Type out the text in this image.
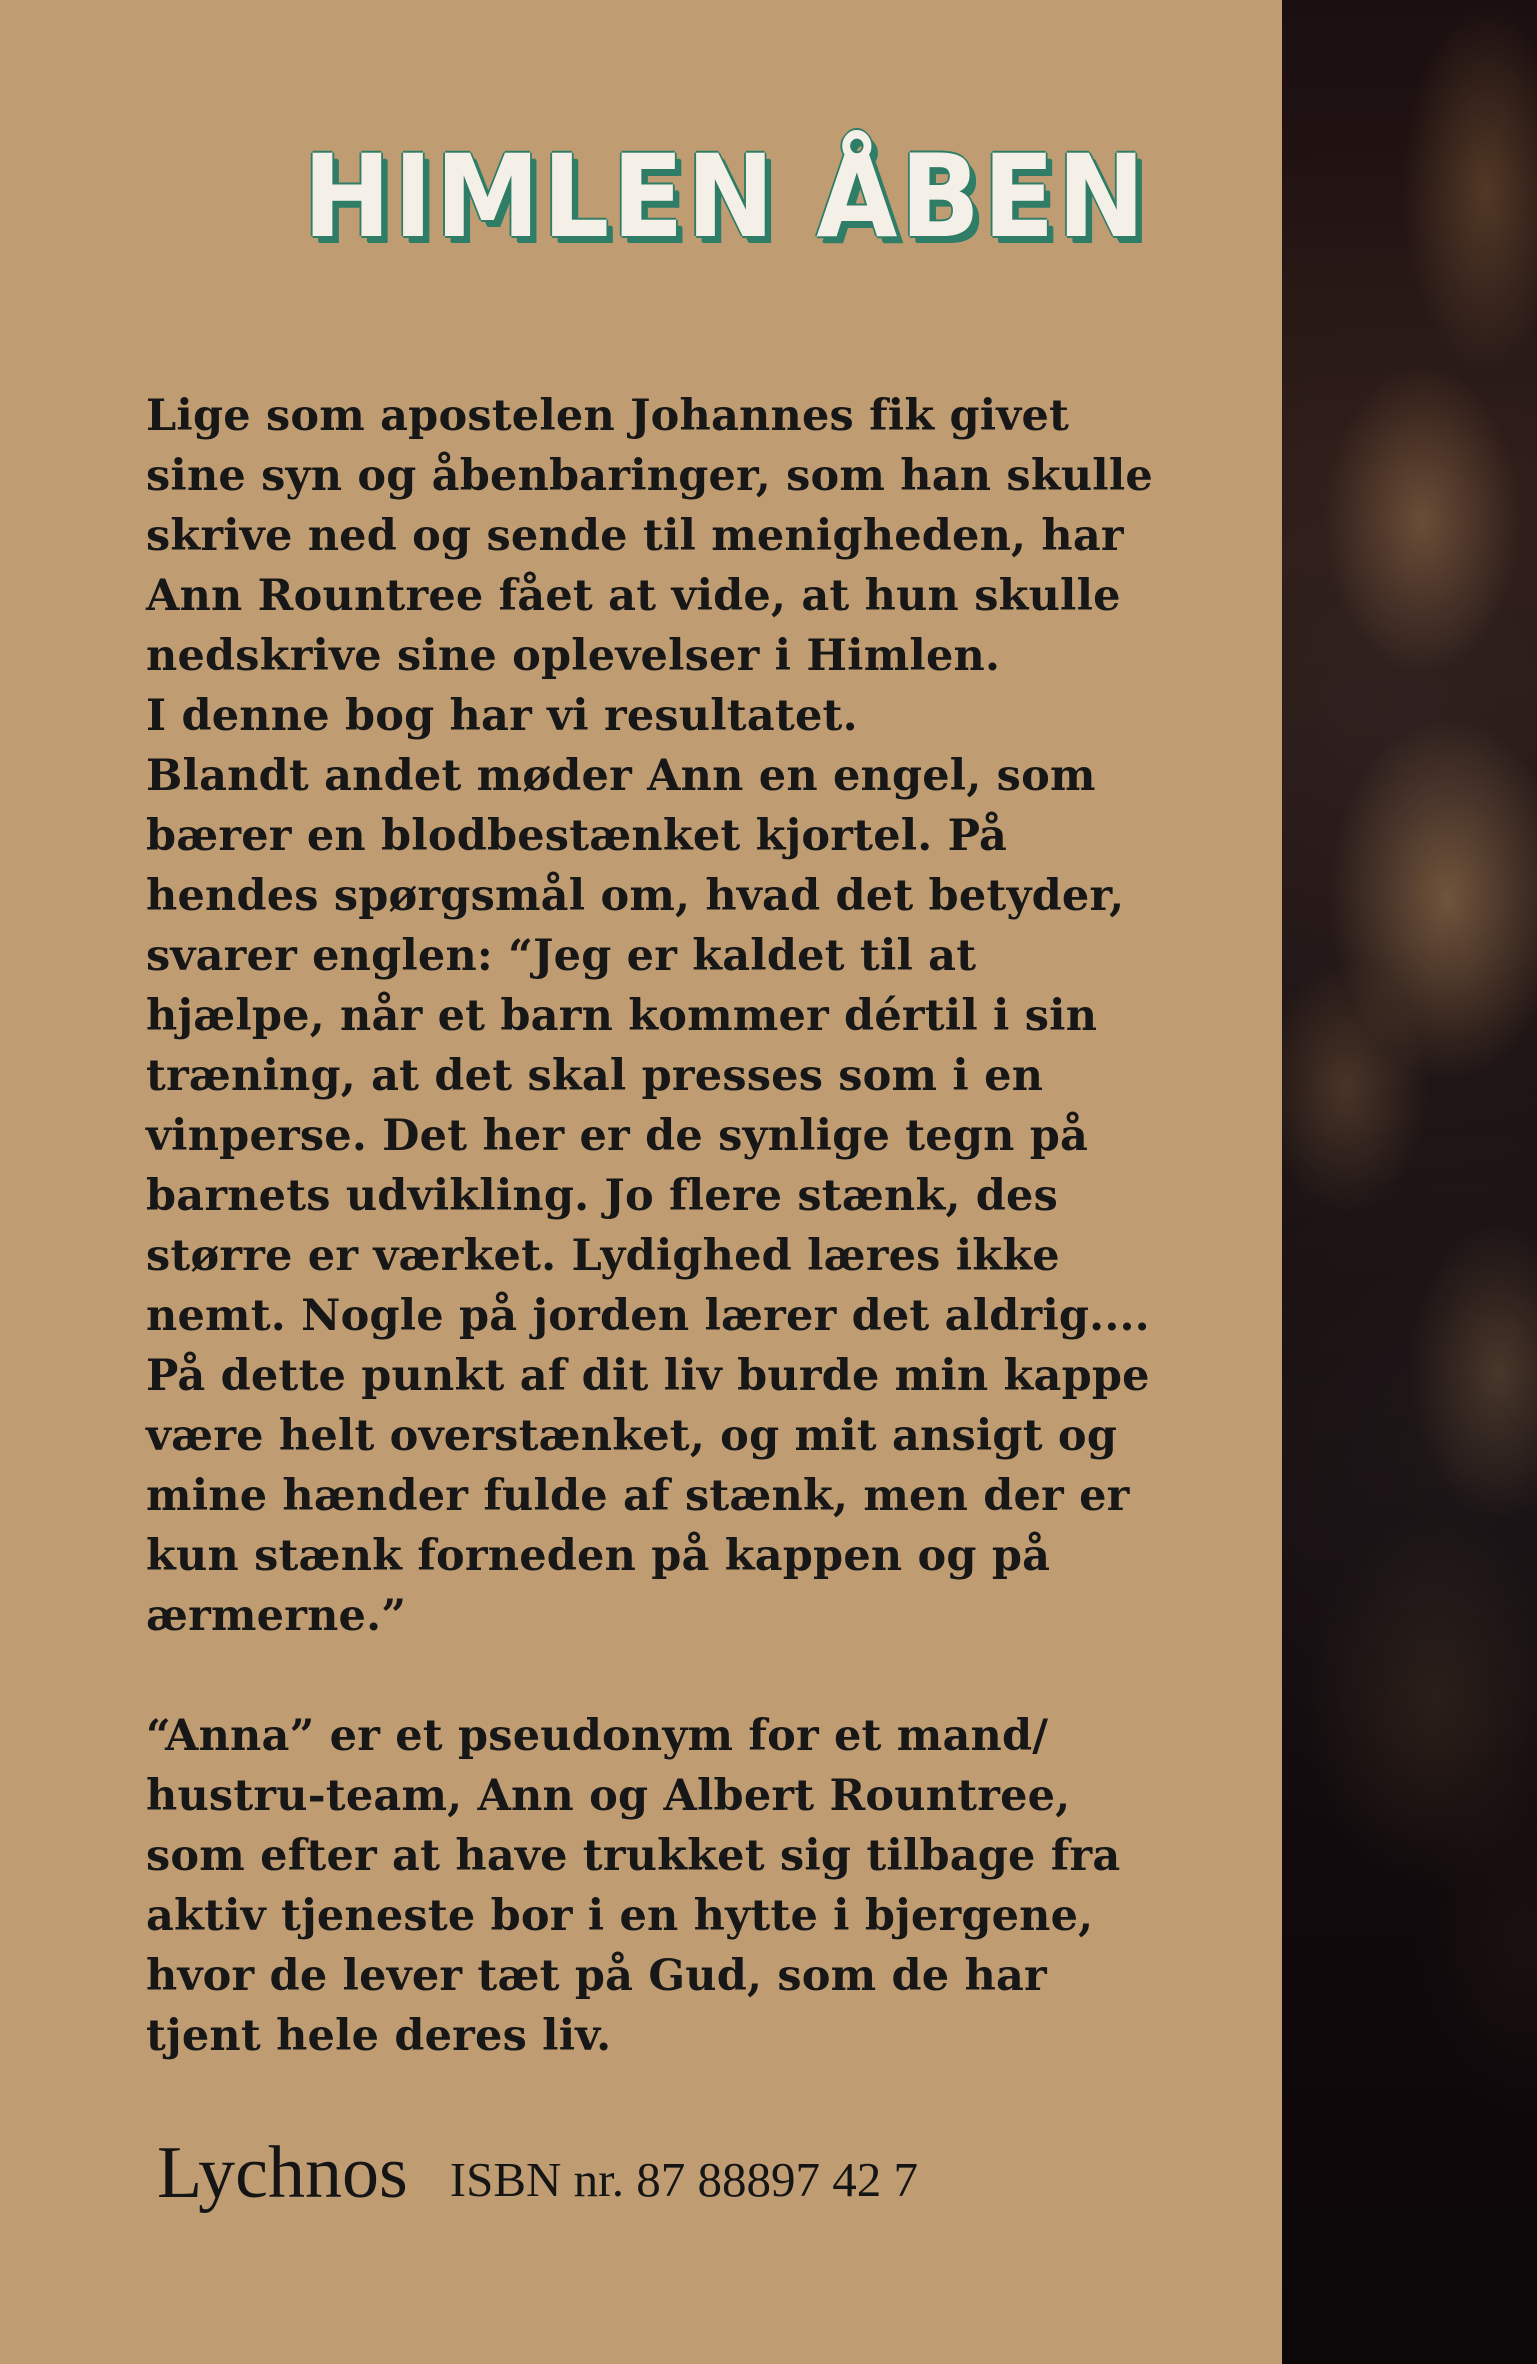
HIMLEN ÅBEN
Lige som apostelen Johannes fik givet
sine syn og åbenbaringer, som han skulle
skrive ned og sende til menigheden, har
Ann Rountree fået at vide, at hun skulle
nedskrive sine oplevelser i Himlen.
I denne bog har vi resultatet.
Blandt andet møder Ann en engel, som
bærer en blodbestænket kjortel. På
hendes spørgsmål om, hvad det betyder,
svarer englen: “Jeg er kaldet til at
hjælpe, når et barn kommer dértil i sin
træning, at det skal presses som i en
vinperse. Det her er de synlige tegn på
barnets udvikling. Jo flere stænk, des
større er værket. Lydighed læres ikke
nemt. Nogle på jorden lærer det aldrig....
På dette punkt af dit liv burde min kappe
være helt overstænket, og mit ansigt og
mine hænder fulde af stænk, men der er
kun stænk forneden på kappen og på
ærmerne.”
“Anna” er et pseudonym for et mand/
hustru-team, Ann og Albert Rountree,
som efter at have trukket sig tilbage fra
aktiv tjeneste bor i en hytte i bjergene,
hvor de lever tæt på Gud, som de har
tjent hele deres liv.
Lychnos ISBN nr. 87 88897 42 7
